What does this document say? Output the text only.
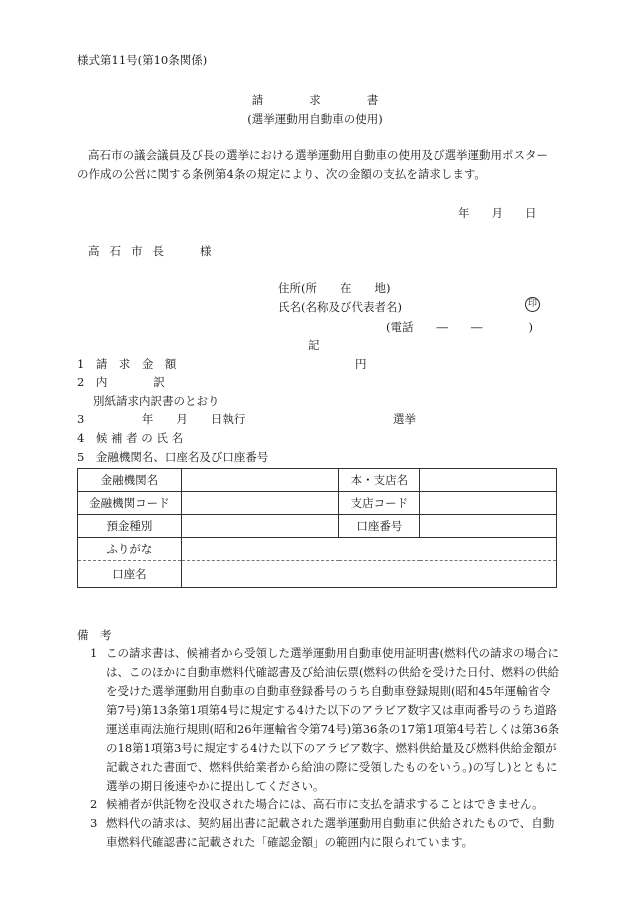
様式第11号(第10条関係)
請求書
(選挙運動用自動車の使用)
高石市の議会議員及び長の選挙における選挙運動用自動車の使用及び選挙運動用ポスターの作成の公営に関する条例第4条の規定により、次の金額の支払を請求します。
年 月 日
高石市長 様
住所(所　　在　　地)
氏名(名称及び代表者名)	印
(電話　　―　　―　　　　)
記
1　請　求　金　額	円
2　内　　　　訳
別紙請求内訳書のとおり
3　　　　　年　　月　　日執行	選挙
4　候 補 者 の 氏 名
5　金融機関名、口座名及び口座番号
金融機関名		本・支店名	
金融機関コード		支店コード	
預金種別		口座番号	
ふりがな			
口座名			
備　考
1 この請求書は、候補者から受領した選挙運動用自動車使用証明書(燃料代の請求の場合には、このほかに自動車燃料代確認書及び給油伝票(燃料の供給を受けた日付、燃料の供給を受けた選挙運動用自動車の自動車登録番号のうち自動車登録規則(昭和45年運輸省令第7号)第13条第1項第4号に規定する4けた以下のアラビア数字又は車両番号のうち道路運送車両法施行規則(昭和26年運輸省令第74号)第36条の17第1項第4号若しくは第36条の18第1項第3号に規定する4けた以下のアラビア数字、燃料供給量及び燃料供給金額が記載された書面で、燃料供給業者から給油の際に受領したものをいう。)の写し)とともに選挙の期日後速やかに提出してください。
2 候補者が供託物を没収された場合には、高石市に支払を請求することはできません。
3 燃料代の請求は、契約届出書に記載された選挙運動用自動車に供給されたもので、自動車燃料代確認書に記載された「確認金額」の範囲内に限られています。
